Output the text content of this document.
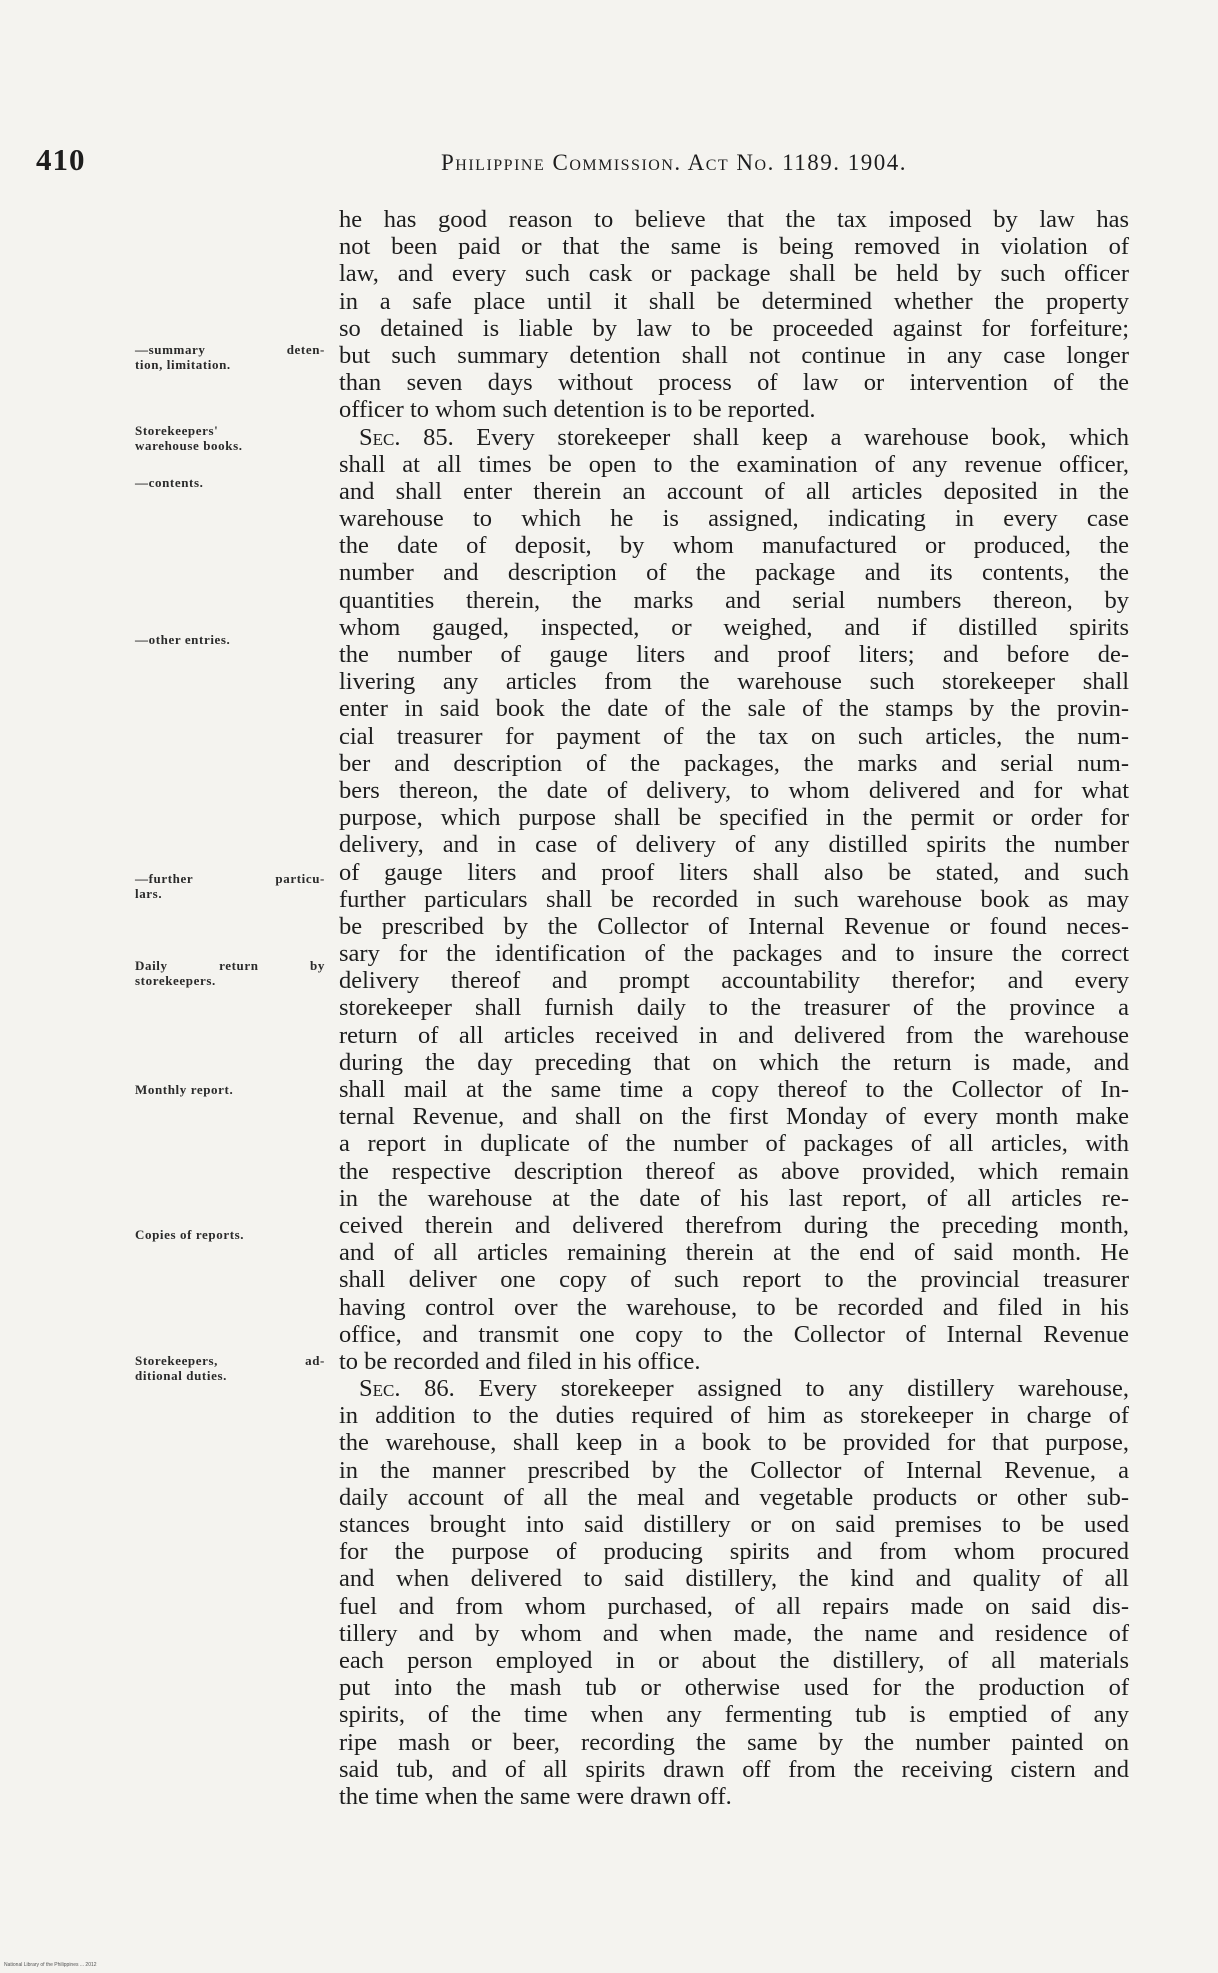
410	Philippine Commission. Act No. 1189. 1904.
—summary deten-
tion, limitation.
Storekeepers'
warehouse books.
—contents.
—other entries.
—further particu-
lars.
Daily return by
storekeepers.
Monthly report.
Copies of reports.
Storekeepers, ad-
ditional duties.
he has good reason to believe that the tax imposed by law has
not been paid or that the same is being removed in violation of
law, and every such cask or package shall be held by such officer
in a safe place until it shall be determined whether the property
so detained is liable by law to be proceeded against for forfeiture;
but such summary detention shall not continue in any case longer
than seven days without process of law or intervention of the
officer to whom such detention is to be reported.
Sec. 85. Every storekeeper shall keep a warehouse book, which
shall at all times be open to the examination of any revenue officer,
and shall enter therein an account of all articles deposited in the
warehouse to which he is assigned, indicating in every case
the date of deposit, by whom manufactured or produced, the
number and description of the package and its contents, the
quantities therein, the marks and serial numbers thereon, by
whom gauged, inspected, or weighed, and if distilled spirits
the number of gauge liters and proof liters; and before de-
livering any articles from the warehouse such storekeeper shall
enter in said book the date of the sale of the stamps by the provin-
cial treasurer for payment of the tax on such articles, the num-
ber and description of the packages, the marks and serial num-
bers thereon, the date of delivery, to whom delivered and for what
purpose, which purpose shall be specified in the permit or order for
delivery, and in case of delivery of any distilled spirits the number
of gauge liters and proof liters shall also be stated, and such
further particulars shall be recorded in such warehouse book as may
be prescribed by the Collector of Internal Revenue or found neces-
sary for the identification of the packages and to insure the correct
delivery thereof and prompt accountability therefor; and every
storekeeper shall furnish daily to the treasurer of the province a
return of all articles received in and delivered from the warehouse
during the day preceding that on which the return is made, and
shall mail at the same time a copy thereof to the Collector of In-
ternal Revenue, and shall on the first Monday of every month make
a report in duplicate of the number of packages of all articles, with
the respective description thereof as above provided, which remain
in the warehouse at the date of his last report, of all articles re-
ceived therein and delivered therefrom during the preceding month,
and of all articles remaining therein at the end of said month. He
shall deliver one copy of such report to the provincial treasurer
having control over the warehouse, to be recorded and filed in his
office, and transmit one copy to the Collector of Internal Revenue
to be recorded and filed in his office.
Sec. 86. Every storekeeper assigned to any distillery warehouse,
in addition to the duties required of him as storekeeper in charge of
the warehouse, shall keep in a book to be provided for that purpose,
in the manner prescribed by the Collector of Internal Revenue, a
daily account of all the meal and vegetable products or other sub-
stances brought into said distillery or on said premises to be used
for the purpose of producing spirits and from whom procured
and when delivered to said distillery, the kind and quality of all
fuel and from whom purchased, of all repairs made on said dis-
tillery and by whom and when made, the name and residence of
each person employed in or about the distillery, of all materials
put into the mash tub or otherwise used for the production of
spirits, of the time when any fermenting tub is emptied of any
ripe mash or beer, recording the same by the number painted on
said tub, and of all spirits drawn off from the receiving cistern and
the time when the same were drawn off.
National Library of the Philippines ... 2012
